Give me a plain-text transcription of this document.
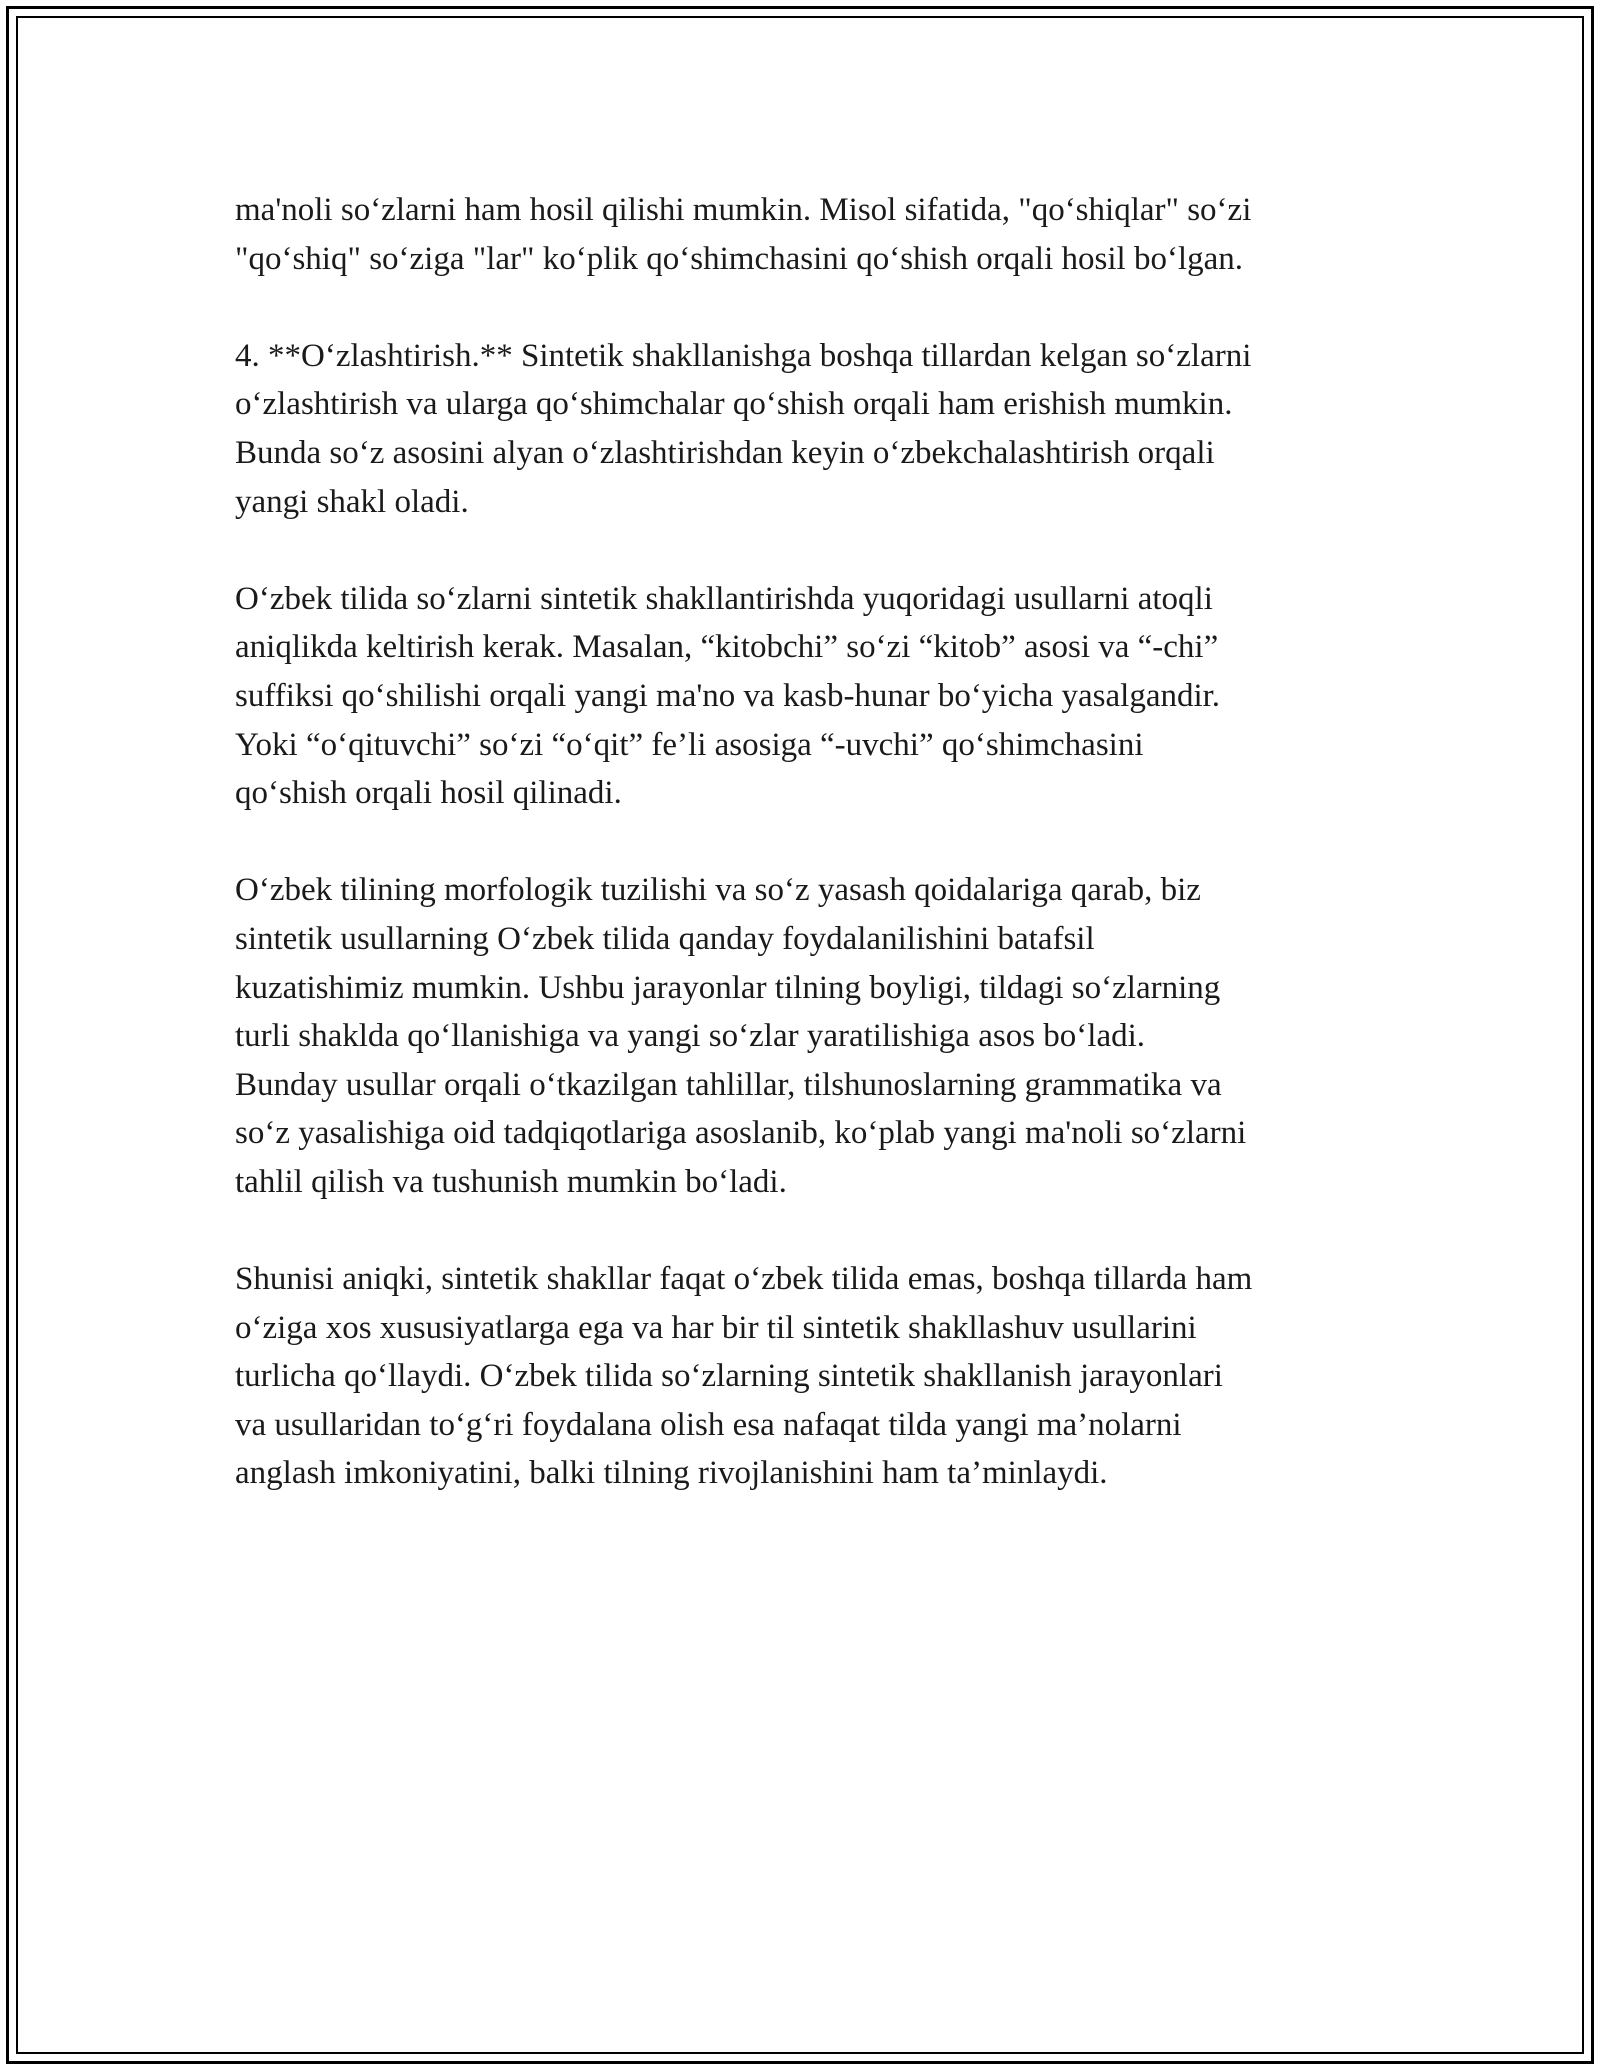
ma'noli so‘zlarni ham hosil qilishi mumkin. Misol sifatida, "qo‘shiqlar" so‘zi
"qo‘shiq" so‘ziga "lar" ko‘plik qo‘shimchasini qo‘shish orqali hosil bo‘lgan.

4. **O‘zlashtirish.** Sintetik shakllanishga boshqa tillardan kelgan so‘zlarni
o‘zlashtirish va ularga qo‘shimchalar qo‘shish orqali ham erishish mumkin.
Bunda so‘z asosini alyan o‘zlashtirishdan keyin o‘zbekchalashtirish orqali
yangi shakl oladi.

O‘zbek tilida so‘zlarni sintetik shakllantirishda yuqoridagi usullarni atoqli
aniqlikda keltirish kerak. Masalan, “kitobchi” so‘zi “kitob” asosi va “-chi”
suffiksi qo‘shilishi orqali yangi ma'no va kasb-hunar bo‘yicha yasalgandir.
Yoki “o‘qituvchi” so‘zi “o‘qit” fe’li asosiga “-uvchi” qo‘shimchasini
qo‘shish orqali hosil qilinadi.

O‘zbek tilining morfologik tuzilishi va so‘z yasash qoidalariga qarab, biz
sintetik usullarning O‘zbek tilida qanday foydalanilishini batafsil
kuzatishimiz mumkin. Ushbu jarayonlar tilning boyligi, tildagi so‘zlarning
turli shaklda qo‘llanishiga va yangi so‘zlar yaratilishiga asos bo‘ladi.
Bunday usullar orqali o‘tkazilgan tahlillar, tilshunoslarning grammatika va
so‘z yasalishiga oid tadqiqotlariga asoslanib, ko‘plab yangi ma'noli so‘zlarni
tahlil qilish va tushunish mumkin bo‘ladi.

Shunisi aniqki, sintetik shakllar faqat o‘zbek tilida emas, boshqa tillarda ham
o‘ziga xos xususiyatlarga ega va har bir til sintetik shakllashuv usullarini
turlicha qo‘llaydi. O‘zbek tilida so‘zlarning sintetik shakllanish jarayonlari
va usullaridan to‘g‘ri foydalana olish esa nafaqat tilda yangi ma’nolarni
anglash imkoniyatini, balki tilning rivojlanishini ham ta’minlaydi.
